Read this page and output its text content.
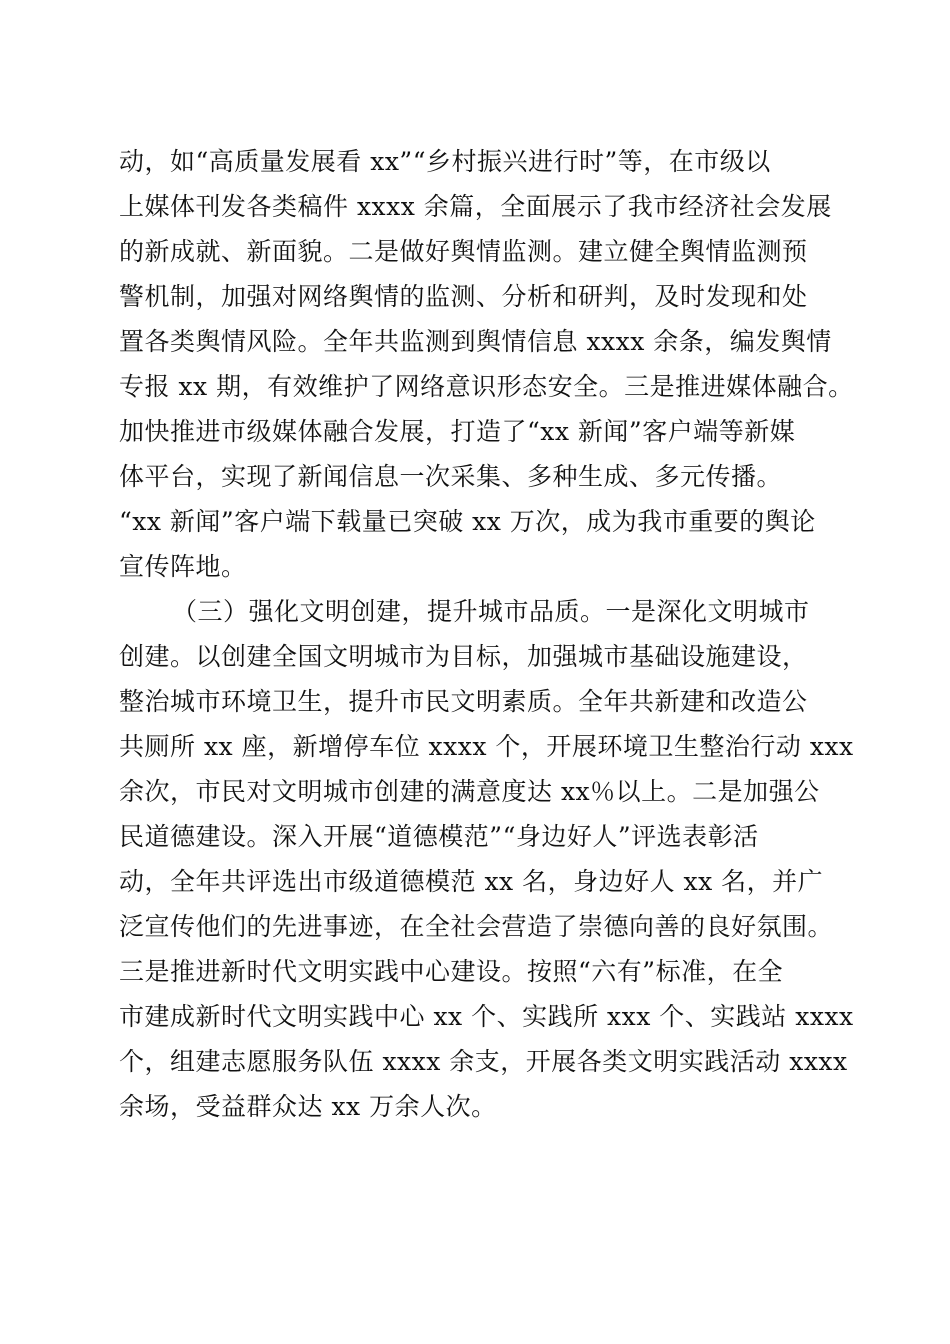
动，如“高质量发展看 xx”“乡村振兴进行时”等，在市级以
上媒体刊发各类稿件 xxxx 余篇，全面展示了我市经济社会发展
的新成就、新面貌。二是做好舆情监测。建立健全舆情监测预
警机制，加强对网络舆情的监测、分析和研判，及时发现和处
置各类舆情风险。全年共监测到舆情信息 xxxx 余条，编发舆情
专报 xx 期，有效维护了网络意识形态安全。三是推进媒体融合。
加快推进市级媒体融合发展，打造了“xx 新闻”客户端等新媒
体平台，实现了新闻信息一次采集、多种生成、多元传播。
“xx 新闻”客户端下载量已突破 xx 万次，成为我市重要的舆论
宣传阵地。
（三）强化文明创建，提升城市品质。一是深化文明城市
创建。以创建全国文明城市为目标，加强城市基础设施建设，
整治城市环境卫生，提升市民文明素质。全年共新建和改造公
共厕所 xx 座，新增停车位 xxxx 个，开展环境卫生整治行动 xxx
余次，市民对文明城市创建的满意度达 xx％以上。二是加强公
民道德建设。深入开展“道德模范”“身边好人”评选表彰活
动，全年共评选出市级道德模范 xx 名，身边好人 xx 名，并广
泛宣传他们的先进事迹，在全社会营造了崇德向善的良好氛围。
三是推进新时代文明实践中心建设。按照“六有”标准，在全
市建成新时代文明实践中心 xx 个、实践所 xxx 个、实践站 xxxx
个，组建志愿服务队伍 xxxx 余支，开展各类文明实践活动 xxxx
余场，受益群众达 xx 万余人次。
